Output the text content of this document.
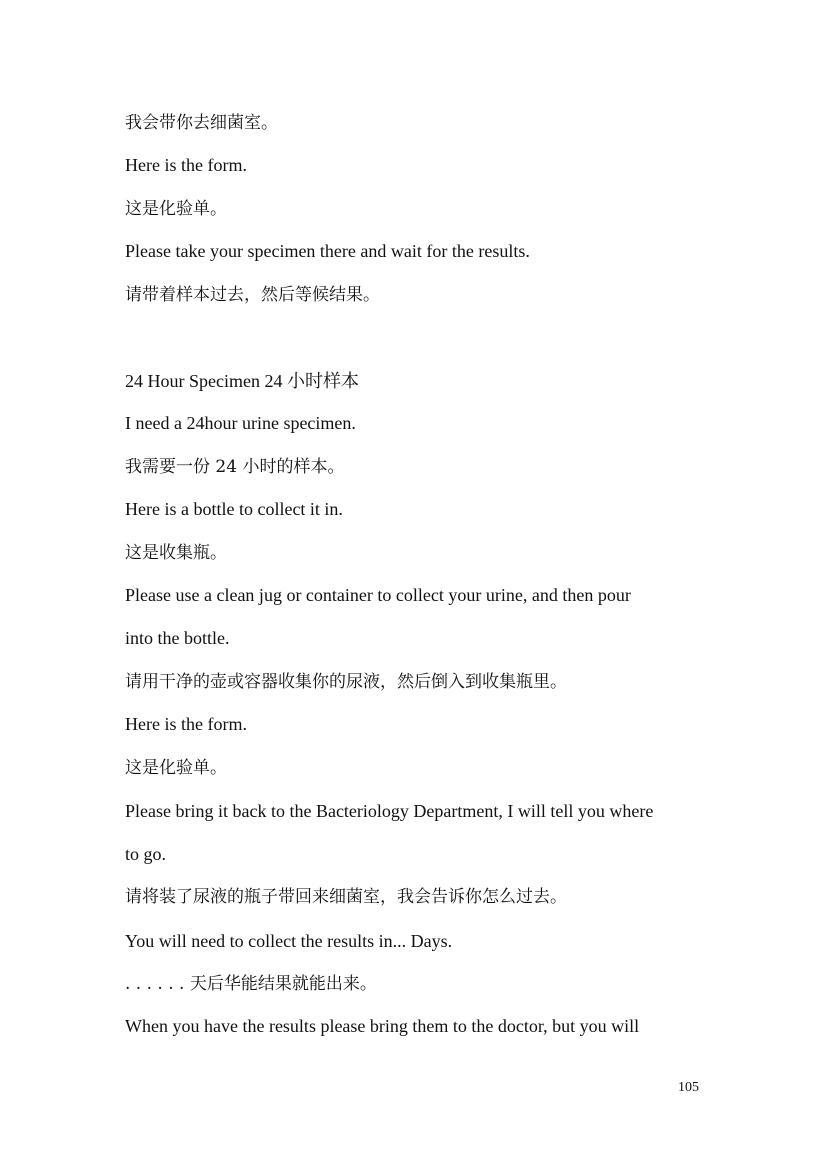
我会带你去细菌室。
Here is the form.
这是化验单。
Please take your specimen there and wait for the results.
请带着样本过去，然后等候结果。
24 Hour Specimen 24 小时样本
I need a 24hour urine specimen.
我需要一份 24 小时的样本。
Here is a bottle to collect it in.
这是收集瓶。
Please use a clean jug or container to collect your urine, and then pour
into the bottle.
请用干净的壶或容器收集你的尿液，然后倒入到收集瓶里。
Here is the form.
这是化验单。
Please bring it back to the Bacteriology Department, I will tell you where
to go.
请将装了尿液的瓶子带回来细菌室，我会告诉你怎么过去。
You will need to collect the results in... Days.
. . . . . . 天后华能结果就能出来。
When you have the results please bring them to the doctor, but you will
105
